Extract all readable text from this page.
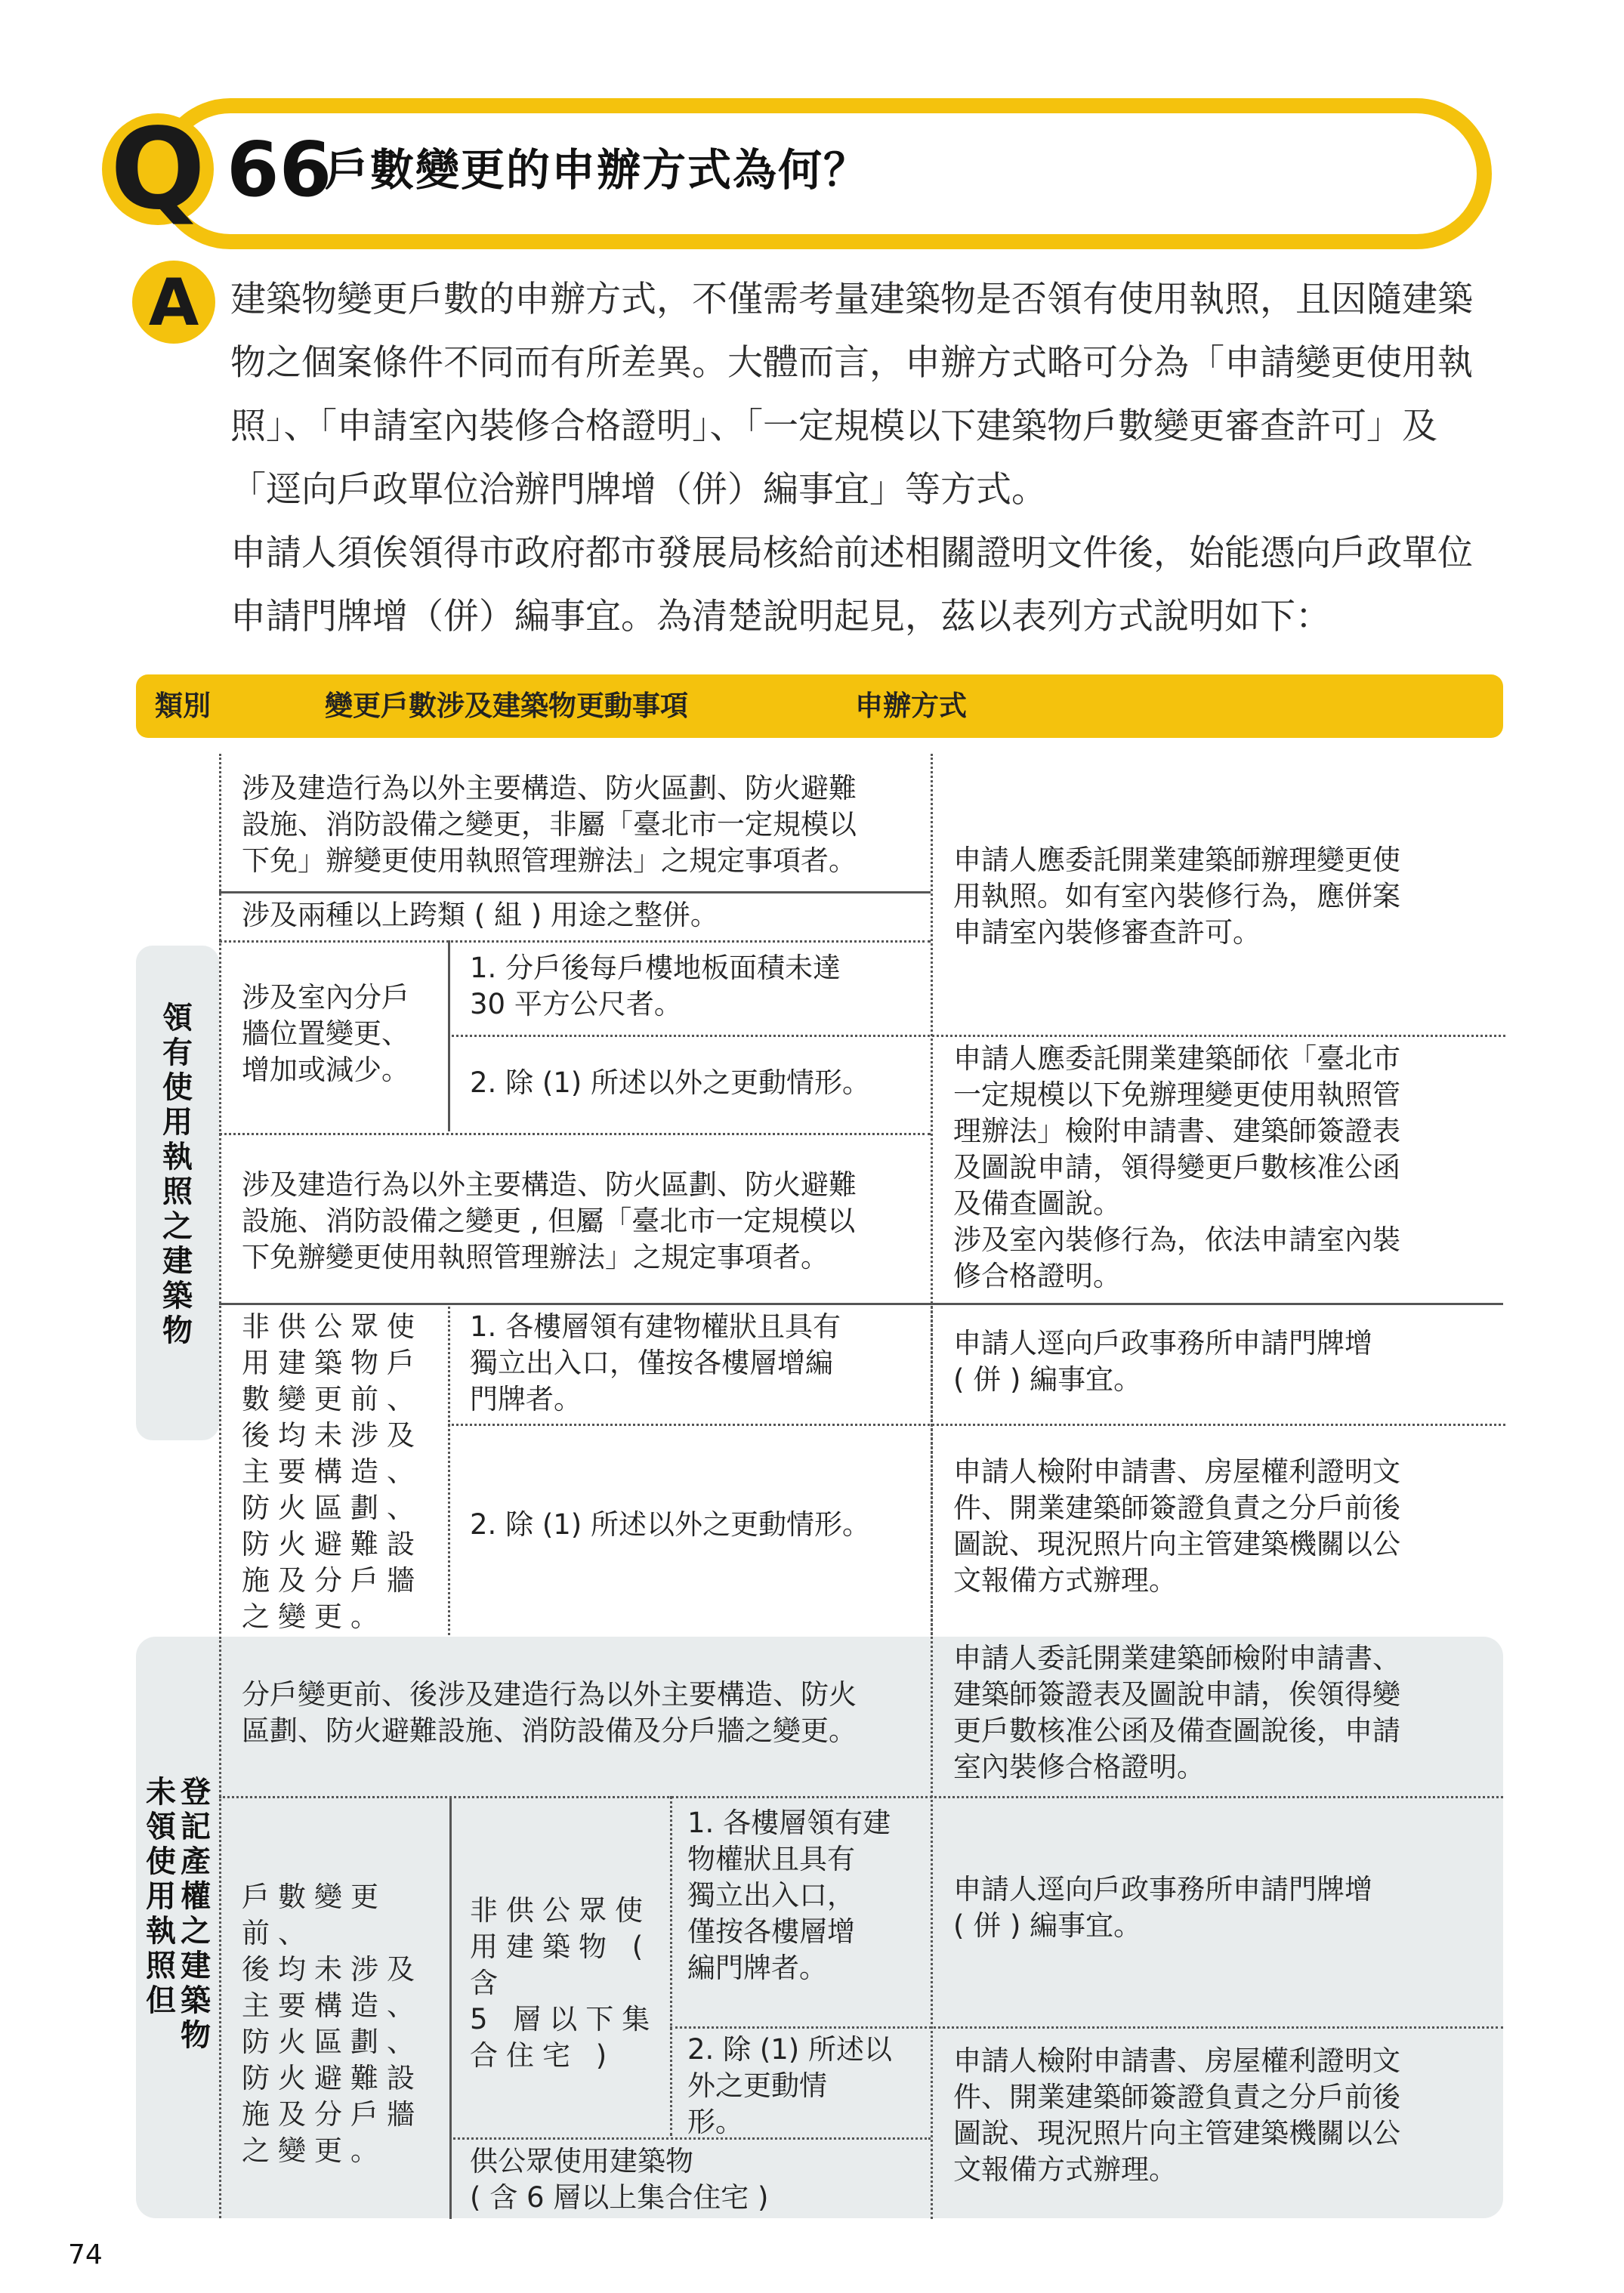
Q 66
戶數變更的申辦方式為何？
A 建築物變更戶數的申辦方式，不僅需考量建築物是否領有使用執照，且因隨建築物之個案條件不同而有所差異。大體而言，申辦方式略可分為「申請變更使用執照」、「申請室內裝修合格證明」、「一定規模以下建築物戶數變更審查許可」及「逕向戶政單位洽辦門牌增（併）編事宜」等方式。

申請人須俟領得市政府都市發展局核給前述相關證明文件後，始能憑向戶政單位申請門牌增（併）編事宜。為清楚說明起見，茲以表列方式說明如下：

類別	變更戶數涉及建築物更動事項	申辦方式
領
有
使
用
執
照
之
建
築
物
未
領
使
用
執
照
但
登
記
產
權
之
建
築
物
涉及建造行為以外主要構造、防火區劃、防火避難
設施、消防設備之變更，非屬「臺北市一定規模以
下免」辦變更使用執照管理辦法」之規定事項者。
涉及兩種以上跨類 ( 組 ) 用途之整併。
涉及室內分戶
牆位置變更、
增加或減少。
1. 分戶後每戶樓地板面積未達
30 平方公尺者。
2. 除 (1) 所述以外之更動情形。
涉及建造行為以外主要構造、防火區劃、防火避難
設施、消防設備之變更 , 但屬「臺北市一定規模以
下免辦變更使用執照管理辦法」之規定事項者。
非供公眾使
用建築物戶
數變更前、
後均未涉及
主要構造、
防火區劃、
防火避難設
施及分戶牆
之變更。
1. 各樓層領有建物權狀且具有
獨立出入口，僅按各樓層增編
門牌者。
2. 除 (1) 所述以外之更動情形。
申請人應委託開業建築師辦理變更使
用執照。如有室內裝修行為，應併案
申請室內裝修審查許可。
申請人應委託開業建築師依「臺北市
一定規模以下免辦理變更使用執照管
理辦法」檢附申請書、建築師簽證表
及圖說申請，領得變更戶數核准公函
及備查圖說。
涉及室內裝修行為，依法申請室內裝
修合格證明。
申請人逕向戶政事務所申請門牌增
( 併 ) 編事宜。
申請人檢附申請書、房屋權利證明文
件、開業建築師簽證負責之分戶前後
圖說、現況照片向主管建築機關以公
文報備方式辦理。
分戶變更前、後涉及建造行為以外主要構造、防火
區劃、防火避難設施、消防設備及分戶牆之變更。
戶數變更前、
後均未涉及
主要構造、
防火區劃、
防火避難設
施及分戶牆
之變更。
非供公眾使
用建築物 ( 含
5 層以下集
合住宅 )
1. 各樓層領有建
物權狀且具有
獨立出入口，
僅按各樓層增
編門牌者。
2. 除 (1) 所述以
外之更動情
形。
供公眾使用建築物
( 含 6 層以上集合住宅 )
申請人委託開業建築師檢附申請書、
建築師簽證表及圖說申請，俟領得變
更戶數核准公函及備查圖說後，申請
室內裝修合格證明。
申請人逕向戶政事務所申請門牌增
( 併 ) 編事宜。
申請人檢附申請書、房屋權利證明文
件、開業建築師簽證負責之分戶前後
圖說、現況照片向主管建築機關以公
文報備方式辦理。
74
